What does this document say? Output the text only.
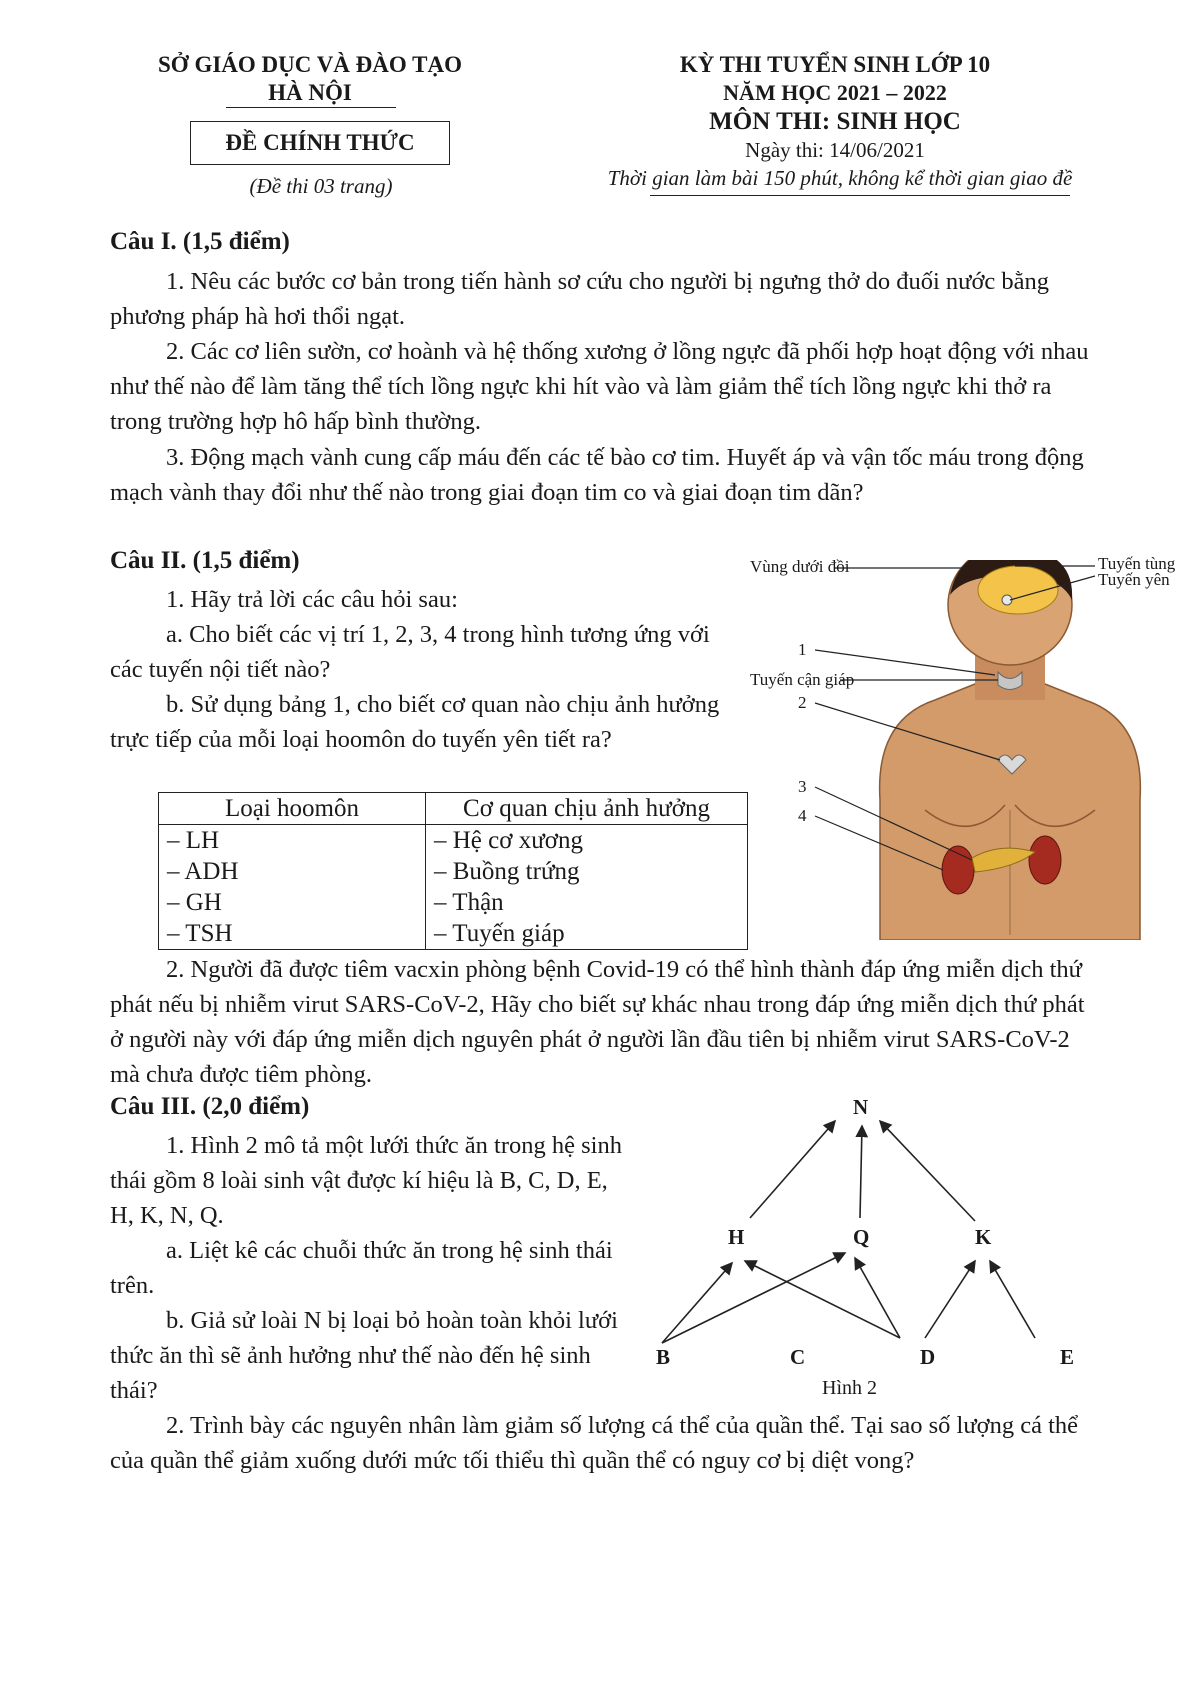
SỞ GIÁO DỤC VÀ ĐÀO TẠO
HÀ NỘI
ĐỀ CHÍNH THỨC
(Đề thi 03 trang)
KỲ THI TUYỂN SINH LỚP 10
NĂM HỌC 2021 – 2022
MÔN THI: SINH HỌC
Ngày thi: 14/06/2021
Thời gian làm bài 150 phút, không kể thời gian giao đề
Câu I. (1,5 điểm)
1. Nêu các bước cơ bản trong tiến hành sơ cứu cho người bị ngưng thở do đuối nước bằng phương pháp hà hơi thổi ngạt.
2. Các cơ liên sườn, cơ hoành và hệ thống xương ở lồng ngực đã phối hợp hoạt động với nhau như thế nào để làm tăng thể tích lồng ngực khi hít vào và làm giảm thể tích lồng ngực khi thở ra trong trường hợp hô hấp bình thường.
3. Động mạch vành cung cấp máu đến các tế bào cơ tim. Huyết áp và vận tốc máu trong động mạch vành thay đổi như thế nào trong giai đoạn tim co và giai đoạn tim dãn?
Câu II. (1,5 điểm)
1. Hãy trả lời các câu hỏi sau:
a. Cho biết các vị trí 1, 2, 3, 4 trong hình tương ứng với các tuyến nội tiết nào?
b. Sử dụng bảng 1, cho biết cơ quan nào chịu ảnh hưởng trực tiếp của mỗi loại hoomôn do tuyến yên tiết ra?
Loại hoomôn	Cơ quan chịu ảnh hưởng
– LH	– Hệ cơ xương
– ADH	– Buồng trứng
– GH	– Thận
– TSH	– Tuyến giáp
Vùng dưới đồi	Tuyến tùng
Tuyến yên
1
Tuyến cận giáp
2
3
4
2. Người đã được tiêm vacxin phòng bệnh Covid-19 có thể hình thành đáp ứng miễn dịch thứ phát nếu bị nhiễm virut SARS-CoV-2, Hãy cho biết sự khác nhau trong đáp ứng miễn dịch thứ phát ở người này với đáp ứng miễn dịch nguyên phát ở người lần đầu tiên bị nhiễm virut SARS-CoV-2 mà chưa được tiêm phòng.
Câu III. (2,0 điểm)
1. Hình 2 mô tả một lưới thức ăn trong hệ sinh thái gồm 8 loài sinh vật được kí hiệu là B, C, D, E, H, K, N, Q.
a. Liệt kê các chuỗi thức ăn trong hệ sinh thái trên.
b. Giả sử loài N bị loại bỏ hoàn toàn khỏi lưới thức ăn thì sẽ ảnh hưởng như thế nào đến hệ sinh thái?
N
H	Q	K
B	C	D	E
Hình 2
2. Trình bày các nguyên nhân làm giảm số lượng cá thể của quần thể. Tại sao số lượng cá thể của quần thể giảm xuống dưới mức tối thiểu thì quần thể có nguy cơ bị diệt vong?
